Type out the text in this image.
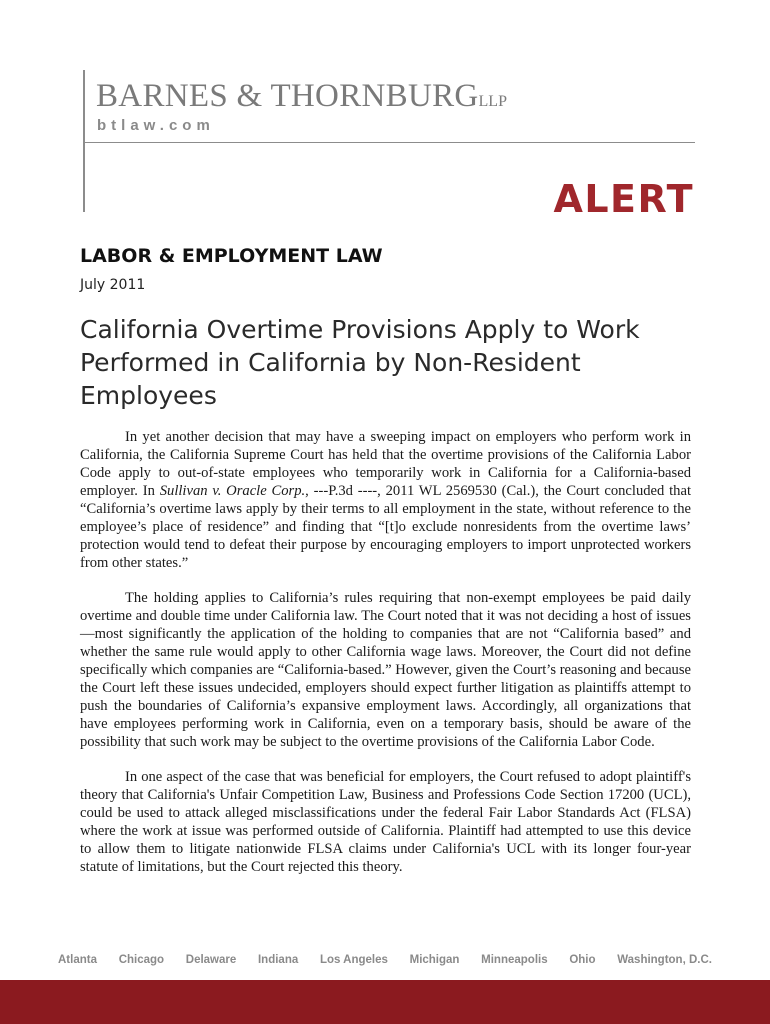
BARNES & THORNBURGLLP
btlaw.com
ALERT
LABOR & EMPLOYMENT LAW
July 2011
California Overtime Provisions Apply to Work Performed in California by Non-Resident Employees

In yet another decision that may have a sweeping impact on employers who perform work in California, the California Supreme Court has held that the overtime provisions of the California Labor Code apply to out-of-state employees who temporarily work in California for a California-based employer. In Sullivan v. Oracle Corp., ---P.3d ----, 2011 WL 2569530 (Cal.), the Court concluded that “California’s overtime laws apply by their terms to all employment in the state, without reference to the employee’s place of residence” and finding that “[t]o exclude nonresidents from the overtime laws’ protection would tend to defeat their purpose by encouraging employers to import unprotected workers from other states.”

The holding applies to California’s rules requiring that non-exempt employees be paid daily overtime and double time under California law. The Court noted that it was not deciding a host of issues—most significantly the application of the holding to companies that are not “California based” and whether the same rule would apply to other California wage laws. Moreover, the Court did not define specifically which companies are “California-based.” However, given the Court’s reasoning and because the Court left these issues undecided, employers should expect further litigation as plaintiffs attempt to push the boundaries of California’s expansive employment laws. Accordingly, all organizations that have employees performing work in California, even on a temporary basis, should be aware of the possibility that such work may be subject to the overtime provisions of the California Labor Code.

In one aspect of the case that was beneficial for employers, the Court refused to adopt plaintiff's theory that California's Unfair Competition Law, Business and Professions Code Section 17200 (UCL), could be used to attack alleged misclassifications under the federal Fair Labor Standards Act (FLSA) where the work at issue was performed outside of California. Plaintiff had attempted to use this device to allow them to litigate nationwide FLSA claims under California's UCL with its longer four-year statute of limitations, but the Court rejected this theory.

Atlanta Chicago Delaware Indiana Los Angeles Michigan Minneapolis Ohio Washington, D.C.
